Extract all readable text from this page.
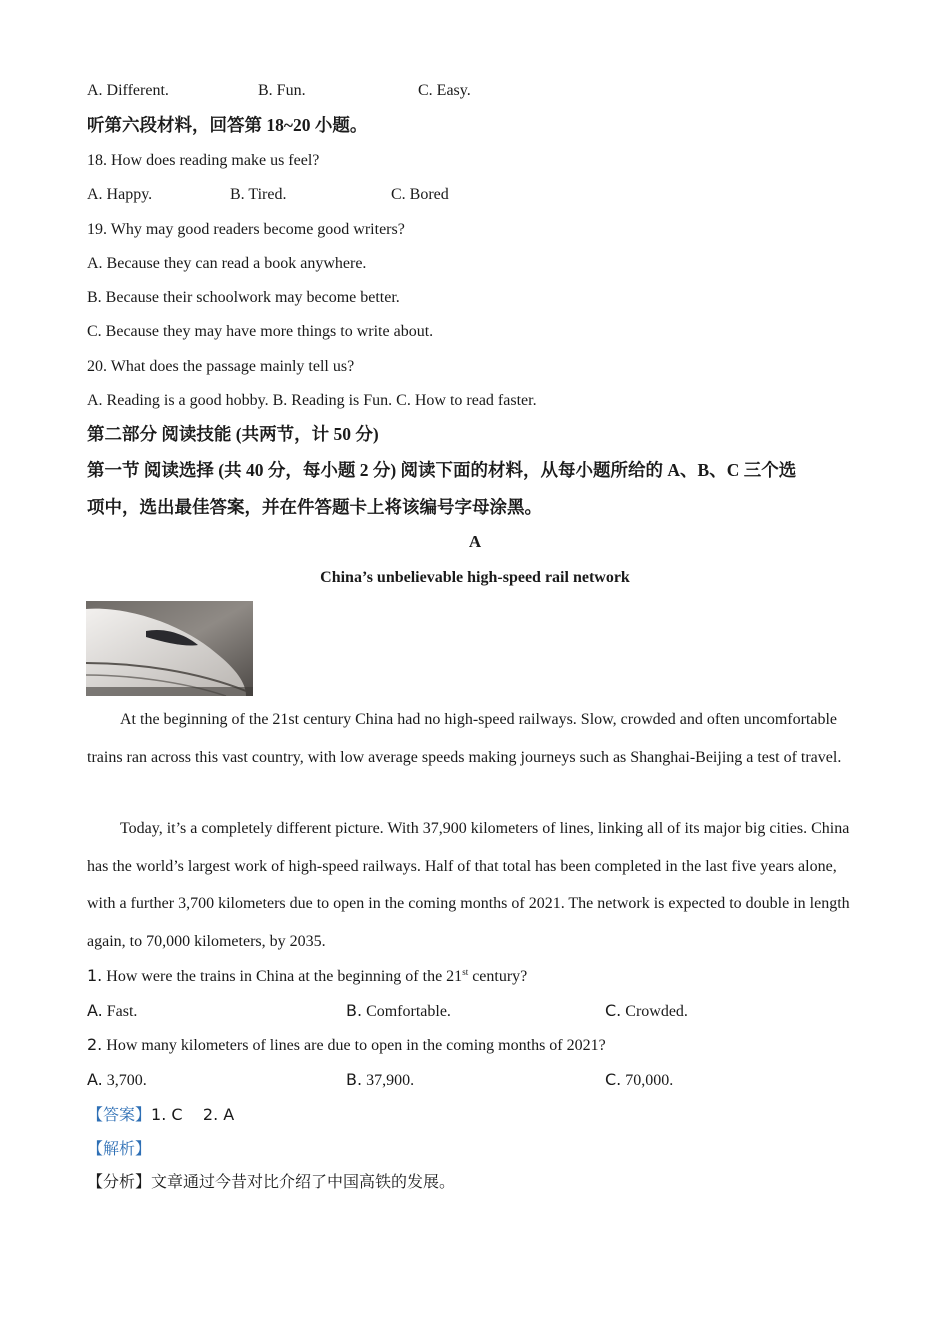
A. Different.	B. Fun.	C. Easy.
听第六段材料，回答第 18~20 小题。
18. How does reading make us feel?
A. Happy.	B. Tired.	C. Bored
19. Why may good readers become good writers?
A. Because they can read a book anywhere.
B. Because their schoolwork may become better.
C. Because they may have more things to write about.
20. What does the passage mainly tell us?
A. Reading is a good hobby. B. Reading is Fun. C. How to read faster.
第二部分 阅读技能 (共两节，计 50 分)
第一节 阅读选择 (共 40 分，每小题 2 分) 阅读下面的材料，从每小题所给的 A、B、C 三个选
项中，选出最佳答案，并在件答题卡上将该编号字母涂黑。
A
China’s unbelievable high-speed rail network
At the beginning of the 21st century China had no high-speed railways. Slow, crowded and often uncomfortable trains ran across this vast country, with low average speeds making journeys such as Shanghai-Beijing a test of travel.
Today, it’s a completely different picture. With 37,900 kilometers of lines, linking all of its major big cities. China has the world’s largest work of high-speed railways. Half of that total has been completed in the last five years alone, with a further 3,700 kilometers due to open in the coming months of 2021. The network is expected to double in length again, to 70,000 kilometers, by 2035.
1. How were the trains in China at the beginning of the 21st century?
A. Fast.	B. Comfortable.	C. Crowded.
2. How many kilometers of lines are due to open in the coming months of 2021?
A. 3,700.	B. 37,900.	C. 70,000.
【答案】1. C    2. A
【解析】
【分析】文章通过今昔对比介绍了中国高铁的发展。
